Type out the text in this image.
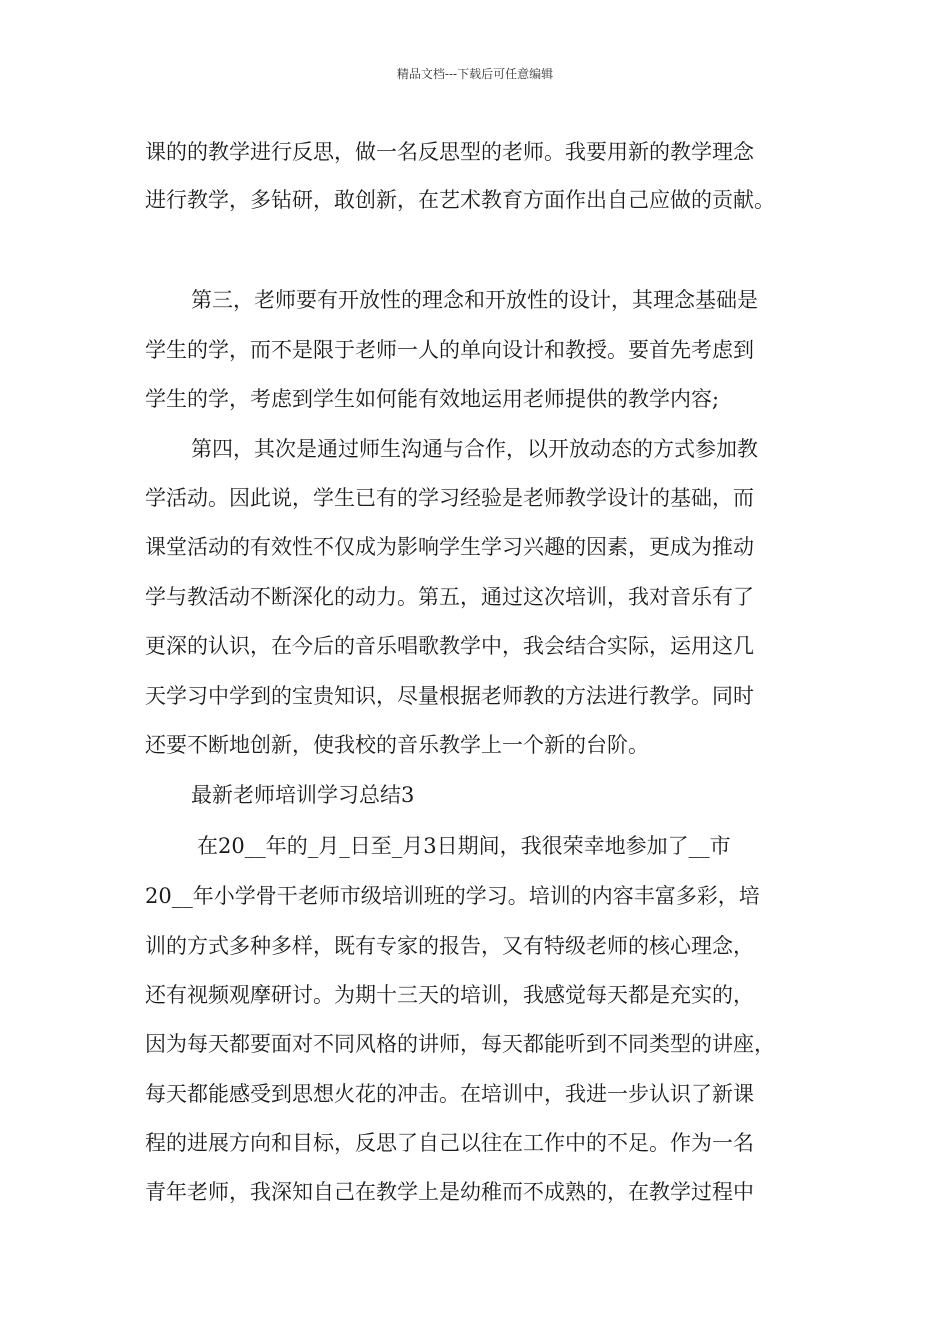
精品文档---下载后可任意编辑
课的的教学进行反思，做一名反思型的老师。我要用新的教学理念
进行教学，多钻研，敢创新，在艺术教育方面作出自己应做的贡献。
第三，老师要有开放性的理念和开放性的设计，其理念基础是
学生的学，而不是限于老师一人的单向设计和教授。要首先考虑到
学生的学，考虑到学生如何能有效地运用老师提供的教学内容;
第四，其次是通过师生沟通与合作，以开放动态的方式参加教
学活动。因此说，学生已有的学习经验是老师教学设计的基础，而
课堂活动的有效性不仅成为影响学生学习兴趣的因素，更成为推动
学与教活动不断深化的动力。第五，通过这次培训，我对音乐有了
更深的认识，在今后的音乐唱歌教学中，我会结合实际，运用这几
天学习中学到的宝贵知识，尽量根据老师教的方法进行教学。同时
还要不断地创新，使我校的音乐教学上一个新的台阶。
最新老师培训学习总结3
在20__年的_月_日至_月3日期间，我很荣幸地参加了__市
20__年小学骨干老师市级培训班的学习。培训的内容丰富多彩，培
训的方式多种多样，既有专家的报告，又有特级老师的核心理念，
还有视频观摩研讨。为期十三天的培训，我感觉每天都是充实的，
因为每天都要面对不同风格的讲师，每天都能听到不同类型的讲座，
每天都能感受到思想火花的冲击。在培训中，我进一步认识了新课
程的进展方向和目标，反思了自己以往在工作中的不足。作为一名
青年老师，我深知自己在教学上是幼稚而不成熟的，在教学过程中
